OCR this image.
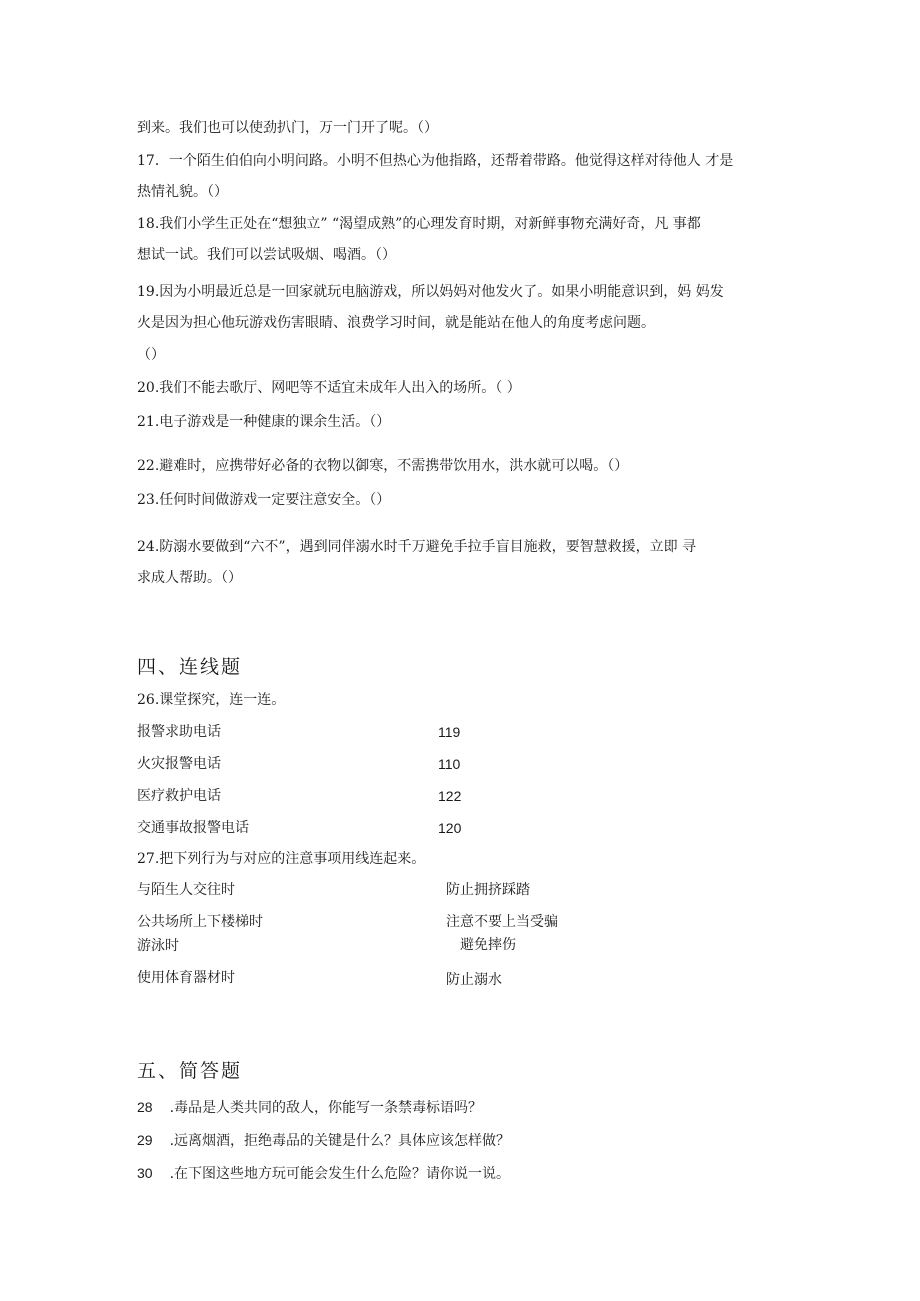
到来。我们也可以使劲扒门，万一门开了呢。（）
17．一个陌生伯伯向小明问路。小明不但热心为他指路，还帮着带路。他觉得这样对待他人 才是
热情礼貌。（）
18.我们小学生正处在“想独立” “渴望成熟”的心理发育时期，对新鲜事物充满好奇，凡 事都
想试一试。我们可以尝试吸烟、喝酒。（）
19.因为小明最近总是一回家就玩电脑游戏，所以妈妈对他发火了。如果小明能意识到，妈 妈发
火是因为担心他玩游戏伤害眼睛、浪费学习时间，就是能站在他人的角度考虑问题。
（）
20.我们不能去歌厅、网吧等不适宜未成年人出入的场所。（ ）
21.电子游戏是一种健康的课余生活。（）
22.避难时，应携带好必备的衣物以御寒，不需携带饮用水，洪水就可以喝。（）
23.任何时间做游戏一定要注意安全。（）
24.防溺水要做到“六不”，遇到同伴溺水时千万避免手拉手盲目施救，要智慧救援，立即 寻
求成人帮助。（）
四、连线题
26.课堂探究，连一连。
报警求助电话	119
火灾报警电话	110
医疗救护电话	122
交通事故报警电话	120
27.把下列行为与对应的注意事项用线连起来。
与陌生人交往时	防止拥挤踩踏
公共场所上下楼梯时	注意不要上当受骗
游泳时	避免摔伤
使用体育器材时	防止溺水
五、简答题
28 .毒品是人类共同的敌人，你能写一条禁毒标语吗？
29 .远离烟酒，拒绝毒品的关键是什么？具体应该怎样做？
30 .在下图这些地方玩可能会发生什么危险？请你说一说。
